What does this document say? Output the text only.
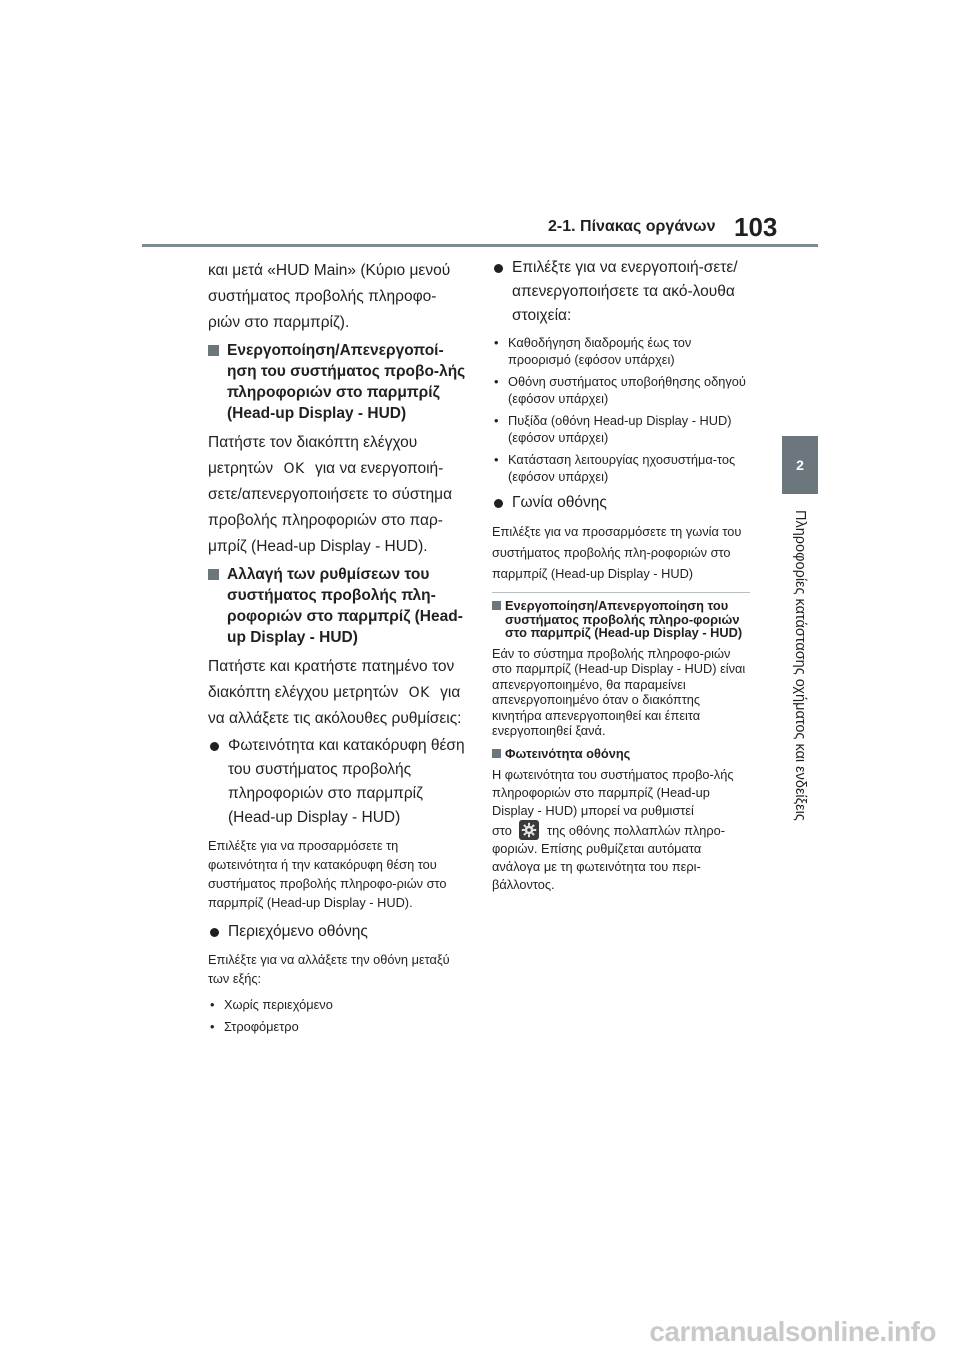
2-1. Πίνακας οργάνων 103
2
Πληροφορίες κατάστασης οχήματος και ενδείξεις

και μετά «HUD Main» (Κύριο μενού συστήματος προβολής πληροφο-ριών στο παρμπρίζ).

Ενεργοποίηση/Απενεργοποί-ηση του συστήματος προβο-λής πληροφοριών στο παρμπρίζ (Head-up Display - HUD)

Πατήστε τον διακόπτη ελέγχου μετρητών OK για να ενεργοποιή-σετε/απενεργοποιήσετε το σύστημα προβολής πληροφοριών στο παρ-μπρίζ (Head-up Display - HUD).

Αλλαγή των ρυθμίσεων του συστήματος προβολής πλη-ροφοριών στο παρμπρίζ (Head-up Display - HUD)

Πατήστε και κρατήστε πατημένο τον διακόπτη ελέγχου μετρητών OK για να αλλάξετε τις ακόλουθες ρυθμίσεις:

Φωτεινότητα και κατακόρυφη θέση του συστήματος προβολής πληροφοριών στο παρμπρίζ (Head-up Display - HUD)

Επιλέξτε για να προσαρμόσετε τη φωτεινότητα ή την κατακόρυφη θέση του συστήματος προβολής πληροφο-ριών στο παρμπρίζ (Head-up Display - HUD).

Περιεχόμενο οθόνης

Επιλέξτε για να αλλάξετε την οθόνη μεταξύ των εξής:

• Χωρίς περιεχόμενο
• Στροφόμετρο
Επιλέξτε για να ενεργοποιή-σετε/απενεργοποιήσετε τα ακό-λουθα στοιχεία:
• Καθοδήγηση διαδρομής έως τον προορισμό (εφόσον υπάρχει)
• Οθόνη συστήματος υποβοήθησης οδηγού (εφόσον υπάρχει)
• Πυξίδα (οθόνη Head-up Display - HUD) (εφόσον υπάρχει)
• Κατάσταση λειτουργίας ηχοσυστήμα-τος (εφόσον υπάρχει)
Γωνία οθόνης

Επιλέξτε για να προσαρμόσετε τη γωνία του συστήματος προβολής πλη-ροφοριών στο παρμπρίζ (Head-up Display - HUD)

Ενεργοποίηση/Απενεργοποίηση του συστήματος προβολής πληρο-φοριών στο παρμπρίζ (Head-up Display - HUD)

Εάν το σύστημα προβολής πληροφο-ριών στο παρμπρίζ (Head-up Display - HUD) είναι απενεργοποιημένο, θα παραμείνει απενεργοποιημένο όταν ο διακόπτης κινητήρα απενεργοποιηθεί και έπειτα ενεργοποιηθεί ξανά.

Φωτεινότητα οθόνης

Η φωτεινότητα του συστήματος προβο-λής πληροφοριών στο παρμπρίζ (Head-up Display - HUD) μπορεί να ρυθμιστεί
στο	της οθόνης πολλαπλών πληρο-φοριών. Επίσης ρυθμίζεται αυτόματα ανάλογα με τη φωτεινότητα του περι-βάλλοντος.

carmanualsonline.info
